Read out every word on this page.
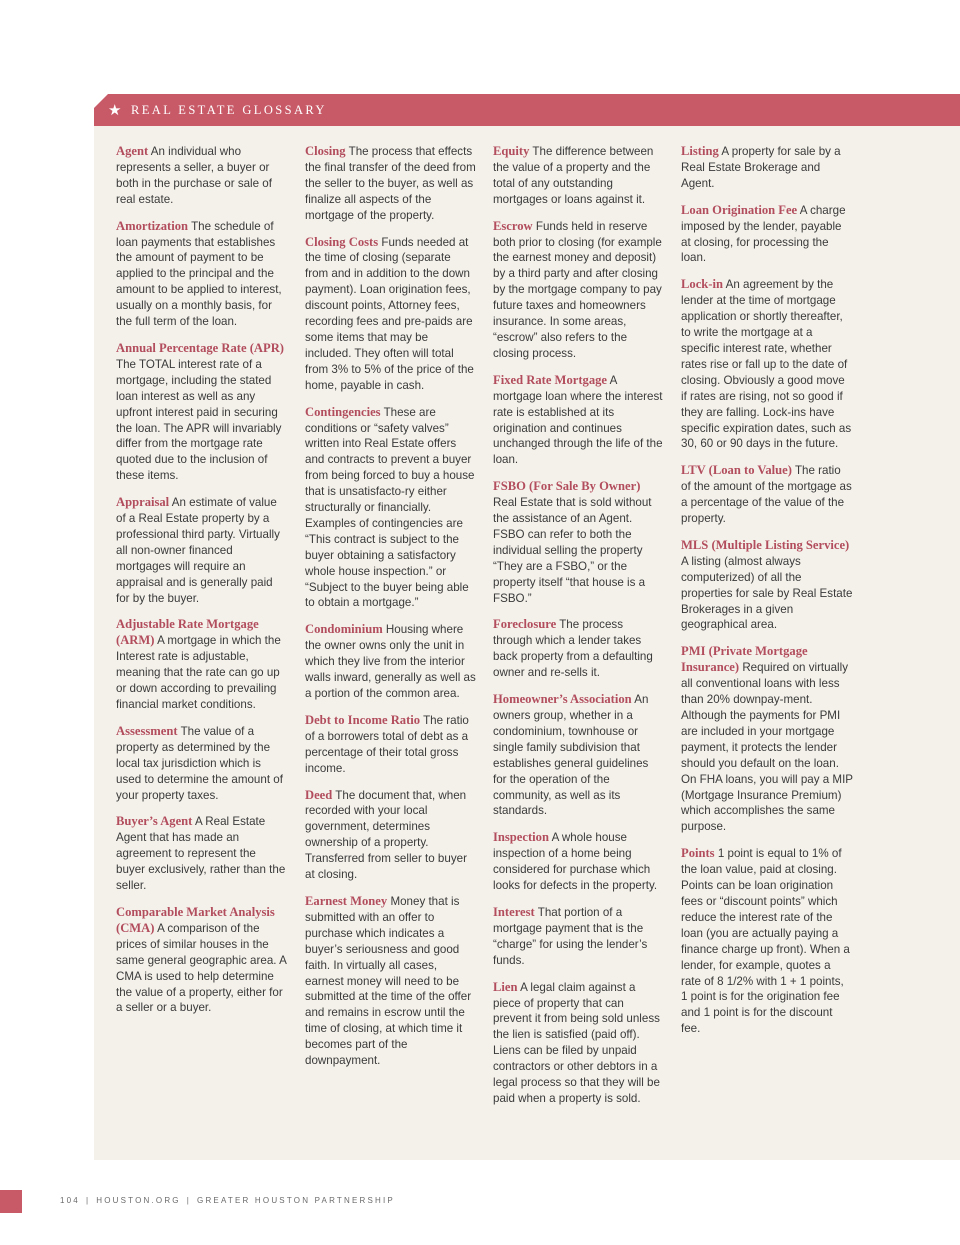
★ REAL ESTATE GLOSSARY

Agent An individual who represents a seller, a buyer or both in the purchase or sale of real estate.

Amortization The schedule of loan payments that establishes the amount of payment to be applied to the principal and the amount to be applied to interest, usually on a monthly basis, for the full term of the loan.

Annual Percentage Rate (APR) The TOTAL interest rate of a mortgage, including the stated loan interest as well as any upfront interest paid in securing the loan. The APR will invariably differ from the mortgage rate quoted due to the inclusion of these items.

Appraisal An estimate of value of a Real Estate property by a professional third party. Virtually all non-owner financed mortgages will require an appraisal and is generally paid for by the buyer.

Adjustable Rate Mortgage (ARM) A mortgage in which the Interest rate is adjustable, meaning that the rate can go up or down according to prevailing financial market conditions.

Assessment The value of a property as determined by the local tax jurisdiction which is used to determine the amount of your property taxes.

Buyer’s Agent A Real Estate Agent that has made an agreement to represent the buyer exclusively, rather than the seller.

Comparable Market Analysis (CMA) A comparison of the prices of similar houses in the same general geographic area. A CMA is used to help determine the value of a property, either for a seller or a buyer.

Closing The process that effects the final transfer of the deed from the seller to the buyer, as well as finalize all aspects of the mortgage of the property.

Closing Costs Funds needed at the time of closing (separate from and in addition to the down payment). Loan origination fees, discount points, Attorney fees, recording fees and pre-paids are some items that may be included. They often will total from 3% to 5% of the price of the home, payable in cash.

Contingencies These are conditions or “safety valves” written into Real Estate offers and contracts to prevent a buyer from being forced to buy a house that is unsatisfacto-ry either structurally or financially. Examples of contingencies are “This contract is subject to the buyer obtaining a satisfactory whole house inspection.” or “Subject to the buyer being able to obtain a mortgage.”

Condominium Housing where the owner owns only the unit in which they live from the interior walls inward, generally as well as a portion of the common area.

Debt to Income Ratio The ratio of a borrowers total of debt as a percentage of their total gross income.

Deed The document that, when recorded with your local government, determines ownership of a property. Transferred from seller to buyer at closing.

Earnest Money Money that is submitted with an offer to purchase which indicates a buyer’s seriousness and good faith. In virtually all cases, earnest money will need to be submitted at the time of the offer and remains in escrow until the time of closing, at which time it becomes part of the downpayment.

Equity The difference between the value of a property and the total of any outstanding mortgages or loans against it.

Escrow Funds held in reserve both prior to closing (for example the earnest money and deposit) by a third party and after closing by the mortgage company to pay future taxes and homeowners insurance. In some areas, “escrow” also refers to the closing process.

Fixed Rate Mortgage A mortgage loan where the interest rate is established at its origination and continues unchanged through the life of the loan.

FSBO (For Sale By Owner) Real Estate that is sold without the assistance of an Agent. FSBO can refer to both the individual selling the property “They are a FSBO,” or the property itself “that house is a FSBO.”

Foreclosure The process through which a lender takes back property from a defaulting owner and re-sells it.

Homeowner’s Association An owners group, whether in a condominium, townhouse or single family subdivision that establishes general guidelines for the operation of the community, as well as its standards.

Inspection A whole house inspection of a home being considered for purchase which looks for defects in the property.

Interest That portion of a mortgage payment that is the “charge” for using the lender’s funds.

Lien A legal claim against a piece of property that can prevent it from being sold unless the lien is satisfied (paid off). Liens can be filed by unpaid contractors or other debtors in a legal process so that they will be paid when a property is sold.

Listing A property for sale by a Real Estate Brokerage and Agent.

Loan Origination Fee A charge imposed by the lender, payable at closing, for processing the loan.

Lock-in An agreement by the lender at the time of mortgage application or shortly thereafter, to write the mortgage at a specific interest rate, whether rates rise or fall up to the date of closing. Obviously a good move if rates are rising, not so good if they are falling. Lock-ins have specific expiration dates, such as 30, 60 or 90 days in the future.

LTV (Loan to Value) The ratio of the amount of the mortgage as a percentage of the value of the property.

MLS (Multiple Listing Service) A listing (almost always computerized) of all the properties for sale by Real Estate Brokerages in a given geographical area.

PMI (Private Mortgage Insurance) Required on virtually all conventional loans with less than 20% downpay-ment. Although the payments for PMI are included in your mortgage payment, it protects the lender should you default on the loan. On FHA loans, you will pay a MIP (Mortgage Insurance Premium) which accomplishes the same purpose.

Points 1 point is equal to 1% of the loan value, paid at closing. Points can be loan origination fees or “discount points” which reduce the interest rate of the loan (you are actually paying a finance charge up front). When a lender, for example, quotes a rate of 8 1/2% with 1 + 1 points, 1 point is for the origination fee and 1 point is for the discount fee.

104 | HOUSTON.ORG | GREATER HOUSTON PARTNERSHIP
